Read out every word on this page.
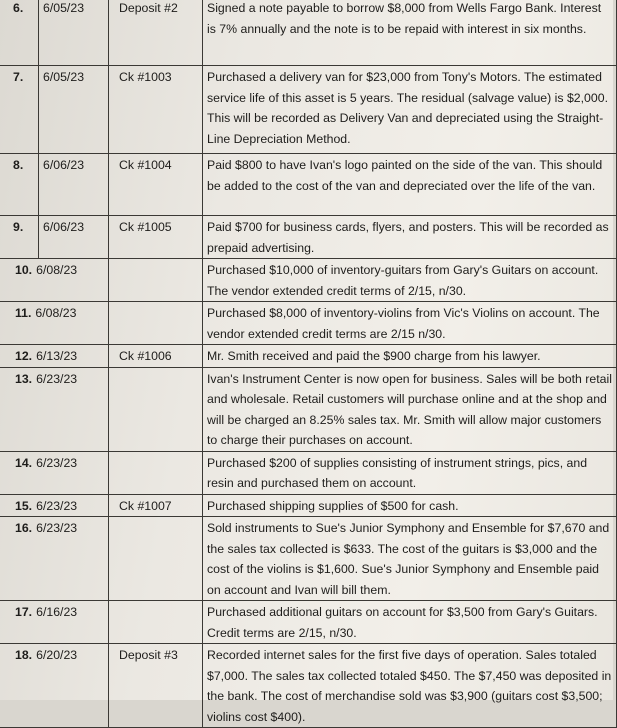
6.	6/05/23	Deposit #2	Signed a note payable to borrow $8,000 from Wells Fargo Bank. Interest is 7% annually and the note is to be repaid with interest in six months.
7.	6/05/23	Ck #1003	Purchased a delivery van for $23,000 from Tony's Motors. The estimated service life of this asset is 5 years. The residual (salvage value) is $2,000. This will be recorded as Delivery Van and depreciated using the Straight-Line Depreciation Method.
8.	6/06/23	Ck #1004	Paid $800 to have Ivan's logo painted on the side of the van. This should be added to the cost of the van and depreciated over the life of the van.
9.	6/06/23	Ck #1005	Paid $700 for business cards, flyers, and posters. This will be recorded as prepaid advertising.
10. 6/08/23			Purchased $10,000 of inventory-guitars from Gary's Guitars on account. The vendor extended credit terms of 2/15, n/30.
11. 6/08/23			Purchased $8,000 of inventory-violins from Vic's Violins on account. The vendor extended credit terms are 2/15 n/30.
12. 6/13/23		Ck #1006	Mr. Smith received and paid the $900 charge from his lawyer.
13. 6/23/23			Ivan's Instrument Center is now open for business. Sales will be both retail and wholesale. Retail customers will purchase online and at the shop and will be charged an 8.25% sales tax. Mr. Smith will allow major customers to charge their purchases on account.
14. 6/23/23			Purchased $200 of supplies consisting of instrument strings, pics, and resin and purchased them on account.
15. 6/23/23		Ck #1007	Purchased shipping supplies of $500 for cash.
16. 6/23/23			Sold instruments to Sue's Junior Symphony and Ensemble for $7,670 and the sales tax collected is $633. The cost of the guitars is $3,000 and the cost of the violins is $1,600. Sue's Junior Symphony and Ensemble paid on account and Ivan will bill them.
17. 6/16/23			Purchased additional guitars on account for $3,500 from Gary's Guitars. Credit terms are 2/15, n/30.
18. 6/20/23		Deposit #3	Recorded internet sales for the first five days of operation. Sales totaled $7,000. The sales tax collected totaled $450. The $7,450 was deposited in the bank. The cost of merchandise sold was $3,900 (guitars cost $3,500; violins cost $400).
